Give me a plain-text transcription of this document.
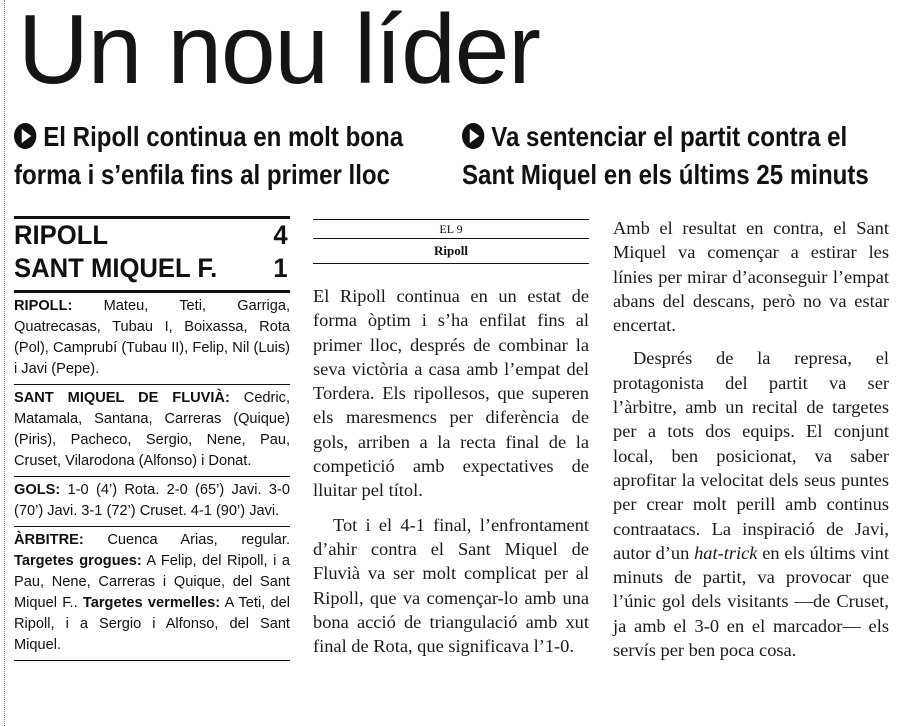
Un nou líder
El Ripoll continua en molt bona forma i s’enfila fins al primer lloc
Va sentenciar el partit contra el Sant Miquel en els últims 25 minuts
RIPOLL	4
SANT MIQUEL F. 1
RIPOLL: Mateu, Teti, Garriga, Quatrecasas, Tubau I, Boixassa, Rota (Pol), Camprubí (Tubau II), Felip, Nil (Luis) i Javi (Pepe).
SANT MIQUEL DE FLUVIÀ: Cedric, Matamala, Santana, Carreras (Quique) (Piris), Pacheco, Sergio, Nene, Pau, Cruset, Vilarodona (Alfonso) i Donat.
GOLS: 1-0 (4’) Rota. 2-0 (65’) Javi. 3-0 (70’) Javi. 3-1 (72’) Cruset. 4-1 (90’) Javi.
ÀRBITRE: Cuenca Arias, regular. Targetes grogues: A Felip, del Ripoll, i a Pau, Nene, Carreras i Quique, del Sant Miquel F.. Targetes vermelles: A Teti, del Ripoll, i a Sergio i Alfonso, del Sant Miquel.
EL 9
Ripoll

El Ripoll continua en un estat de forma òptim i s’ha enfilat fins al primer lloc, després de combinar la seva victòria a casa amb l’empat del Tordera. Els ripollesos, que superen els maresmencs per diferència de gols, arriben a la recta final de la competició amb expectatives de lluitar pel títol.

Tot i el 4-1 final, l’enfrontament d’ahir contra el Sant Miquel de Fluvià va ser molt complicat per al Ripoll, que va començar-lo amb una bona acció de triangulació amb xut final de Rota, que significava l’1-0.

Amb el resultat en contra, el Sant Miquel va començar a estirar les línies per mirar d’aconseguir l’empat abans del descans, però no va estar encertat.

Després de la represa, el protagonista del partit va ser l’àrbitre, amb un recital de targetes per a tots dos equips. El conjunt local, ben posicionat, va saber aprofitar la velocitat dels seus puntes per crear molt perill amb continus contraatacs. La inspiració de Javi, autor d’un hat-trick en els últims vint minuts de partit, va provocar que l’únic gol dels visitants —de Cruset, ja amb el 3-0 en el marcador— els servís per ben poca cosa.
